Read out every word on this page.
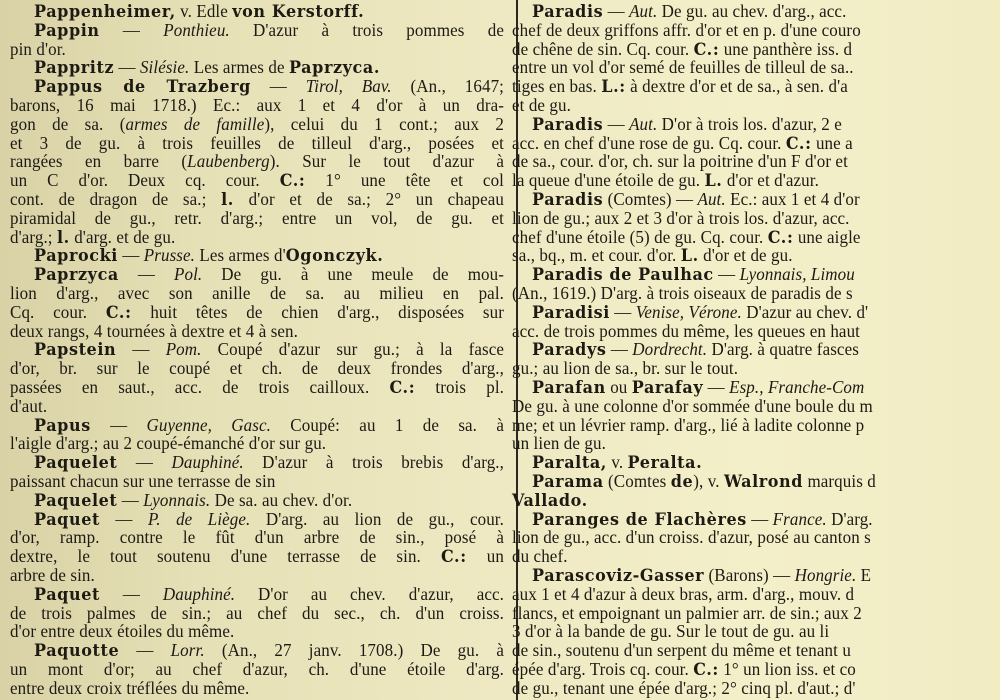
Pappenheimer, v. Edle von Kerstorff.
Pappin — Ponthieu. D'azur à trois pommes de
pin d'or.
Pappritz — Silésie. Les armes de Paprzyca.
Pappus de Trazberg — Tirol, Bav. (An., 1647;
barons, 16 mai 1718.) Ec.: aux 1 et 4 d'or à un dra-
gon de sa. (armes de famille), celui du 1 cont.; aux 2
et 3 de gu. à trois feuilles de tilleul d'arg., posées et
rangées en barre (Laubenberg). Sur le tout d'azur à
un C d'or. Deux cq. cour. C.: 1° une tête et col
cont. de dragon de sa.; l. d'or et de sa.; 2° un chapeau
piramidal de gu., retr. d'arg.; entre un vol, de gu. et
d'arg.; l. d'arg. et de gu.
Paprocki — Prusse. Les armes d'Ogonczyk.
Paprzyca — Pol. De gu. à une meule de mou-
lion d'arg., avec son anille de sa. au milieu en pal.
Cq. cour. C.: huit têtes de chien d'arg., disposées sur
deux rangs, 4 tournées à dextre et 4 à sen.
Papstein — Pom. Coupé d'azur sur gu.; à la fasce
d'or, br. sur le coupé et ch. de deux frondes d'arg.,
passées en saut., acc. de trois cailloux. C.: trois pl.
d'aut.
Papus — Guyenne, Gasc. Coupé: au 1 de sa. à
l'aigle d'arg.; au 2 coupé-émanché d'or sur gu.
Paquelet — Dauphiné. D'azur à trois brebis d'arg.,
paissant chacun sur une terrasse de sin
Paquelet — Lyonnais. De sa. au chev. d'or.
Paquet — P. de Liège. D'arg. au lion de gu., cour.
d'or, ramp. contre le fût d'un arbre de sin., posé à
dextre, le tout soutenu d'une terrasse de sin. C.: un
arbre de sin.
Paquet — Dauphiné. D'or au chev. d'azur, acc.
de trois palmes de sin.; au chef du sec., ch. d'un croiss.
d'or entre deux étoiles du même.
Paquotte — Lorr. (An., 27 janv. 1708.) De gu. à
un mont d'or; au chef d'azur, ch. d'une étoile d'arg.
entre deux croix tréflées du même.
Paradis — Aut. De gu. au chev. d'arg., acc.
chef de deux griffons affr. d'or et en p. d'une couro
de chêne de sin. Cq. cour. C.: une panthère iss. d
entre un vol d'or semé de feuilles de tilleul de sa..
tiges en bas. L.: à dextre d'or et de sa., à sen. d'a
et de gu.
Paradis — Aut. D'or à trois los. d'azur, 2 e
acc. en chef d'une rose de gu. Cq. cour. C.: une a
de sa., cour. d'or, ch. sur la poitrine d'un F d'or et
la queue d'une étoile de gu. L. d'or et d'azur.
Paradis (Comtes) — Aut. Ec.: aux 1 et 4 d'or
lion de gu.; aux 2 et 3 d'or à trois los. d'azur, acc.
chef d'une étoile (5) de gu. Cq. cour. C.: une aigle
sa., bq., m. et cour. d'or. L. d'or et de gu.
Paradis de Paulhac — Lyonnais, Limou
(An., 1619.) D'arg. à trois oiseaux de paradis de s
Paradisi — Venise, Vérone. D'azur au chev. d'
acc. de trois pommes du même, les queues en haut
Paradys — Dordrecht. D'arg. à quatre fasces
gu.; au lion de sa., br. sur le tout.
Parafan ou Parafay — Esp., Franche-Com
De gu. à une colonne d'or sommée d'une boule du m
me; et un lévrier ramp. d'arg., lié à ladite colonne p
un lien de gu.
Paralta, v. Peralta.
Parama (Comtes de), v. Walrond marquis d
Vallado.
Paranges de Flachères — France. D'arg.
lion de gu., acc. d'un croiss. d'azur, posé au canton s
du chef.
Parascoviz-Gasser (Barons) — Hongrie. E
aux 1 et 4 d'azur à deux bras, arm. d'arg., mouv. d
flancs, et empoignant un palmier arr. de sin.; aux 2
3 d'or à la bande de gu. Sur le tout de gu. au li
de sin., soutenu d'un serpent du même et tenant u
épée d'arg. Trois cq. cour. C.: 1° un lion iss. et co
de gu., tenant une épée d'arg.; 2° cinq pl. d'aut.; d'
